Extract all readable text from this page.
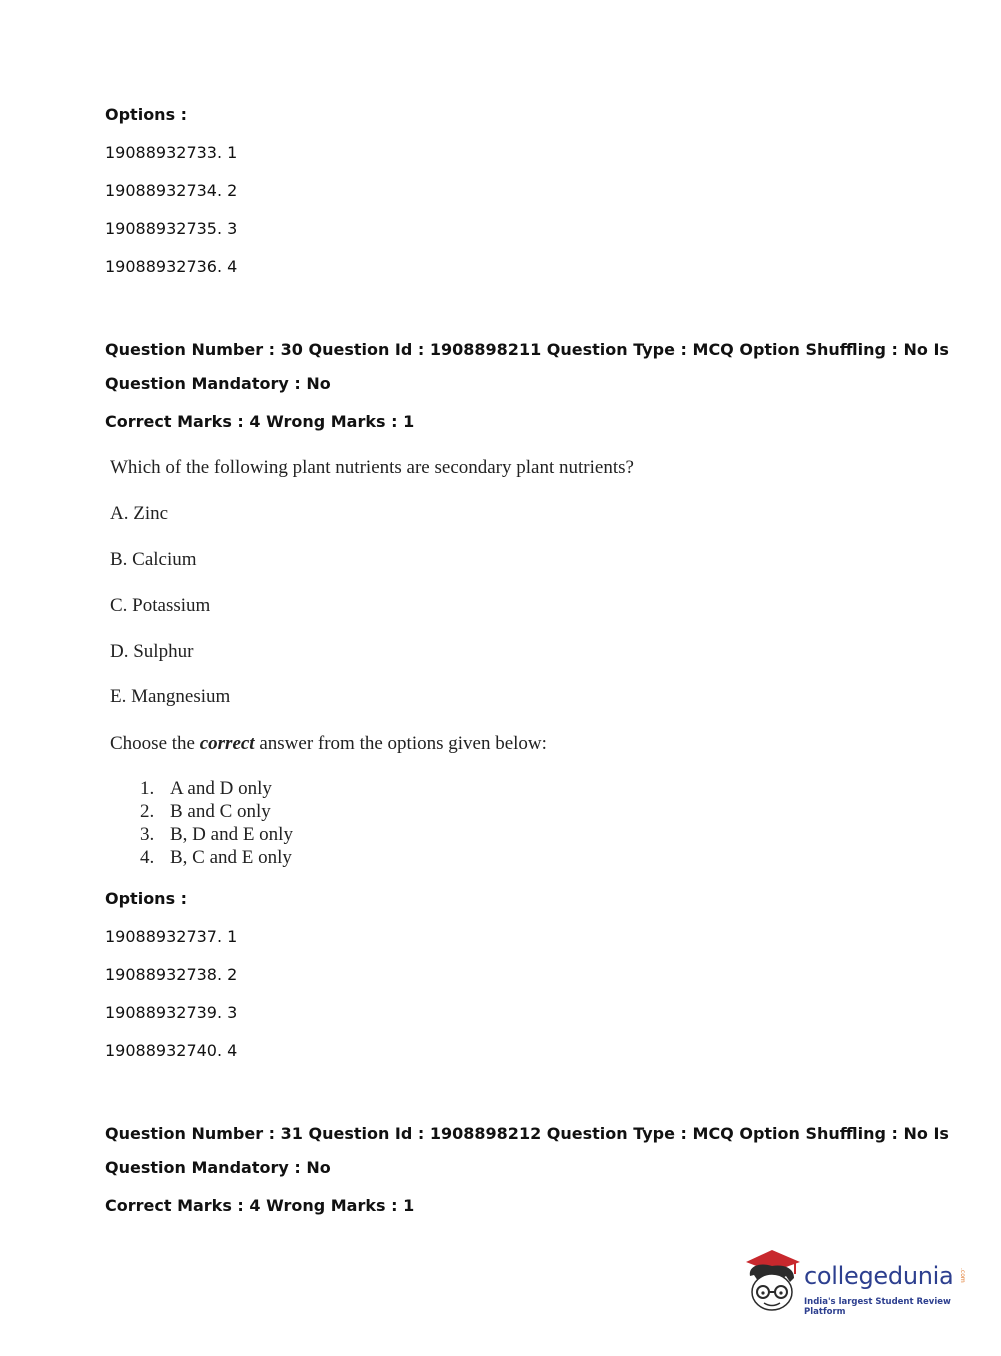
Options :
19088932733. 1
19088932734. 2
19088932735. 3
19088932736. 4
Question Number : 30 Question Id : 1908898211 Question Type : MCQ Option Shuffling : No Is
Question Mandatory : No
Correct Marks : 4 Wrong Marks : 1
Which of the following plant nutrients are secondary plant nutrients?
A. Zinc
B. Calcium
C. Potassium
D. Sulphur
E. Mangnesium
Choose the correct answer from the options given below:
1. A and D only
2. B and C only
3. B, D and E only
4. B, C and E only
Options :
19088932737. 1
19088932738. 2
19088932739. 3
19088932740. 4
Question Number : 31 Question Id : 1908898212 Question Type : MCQ Option Shuffling : No Is
Question Mandatory : No
Correct Marks : 4 Wrong Marks : 1
collegedunia .com
India's largest Student Review Platform
